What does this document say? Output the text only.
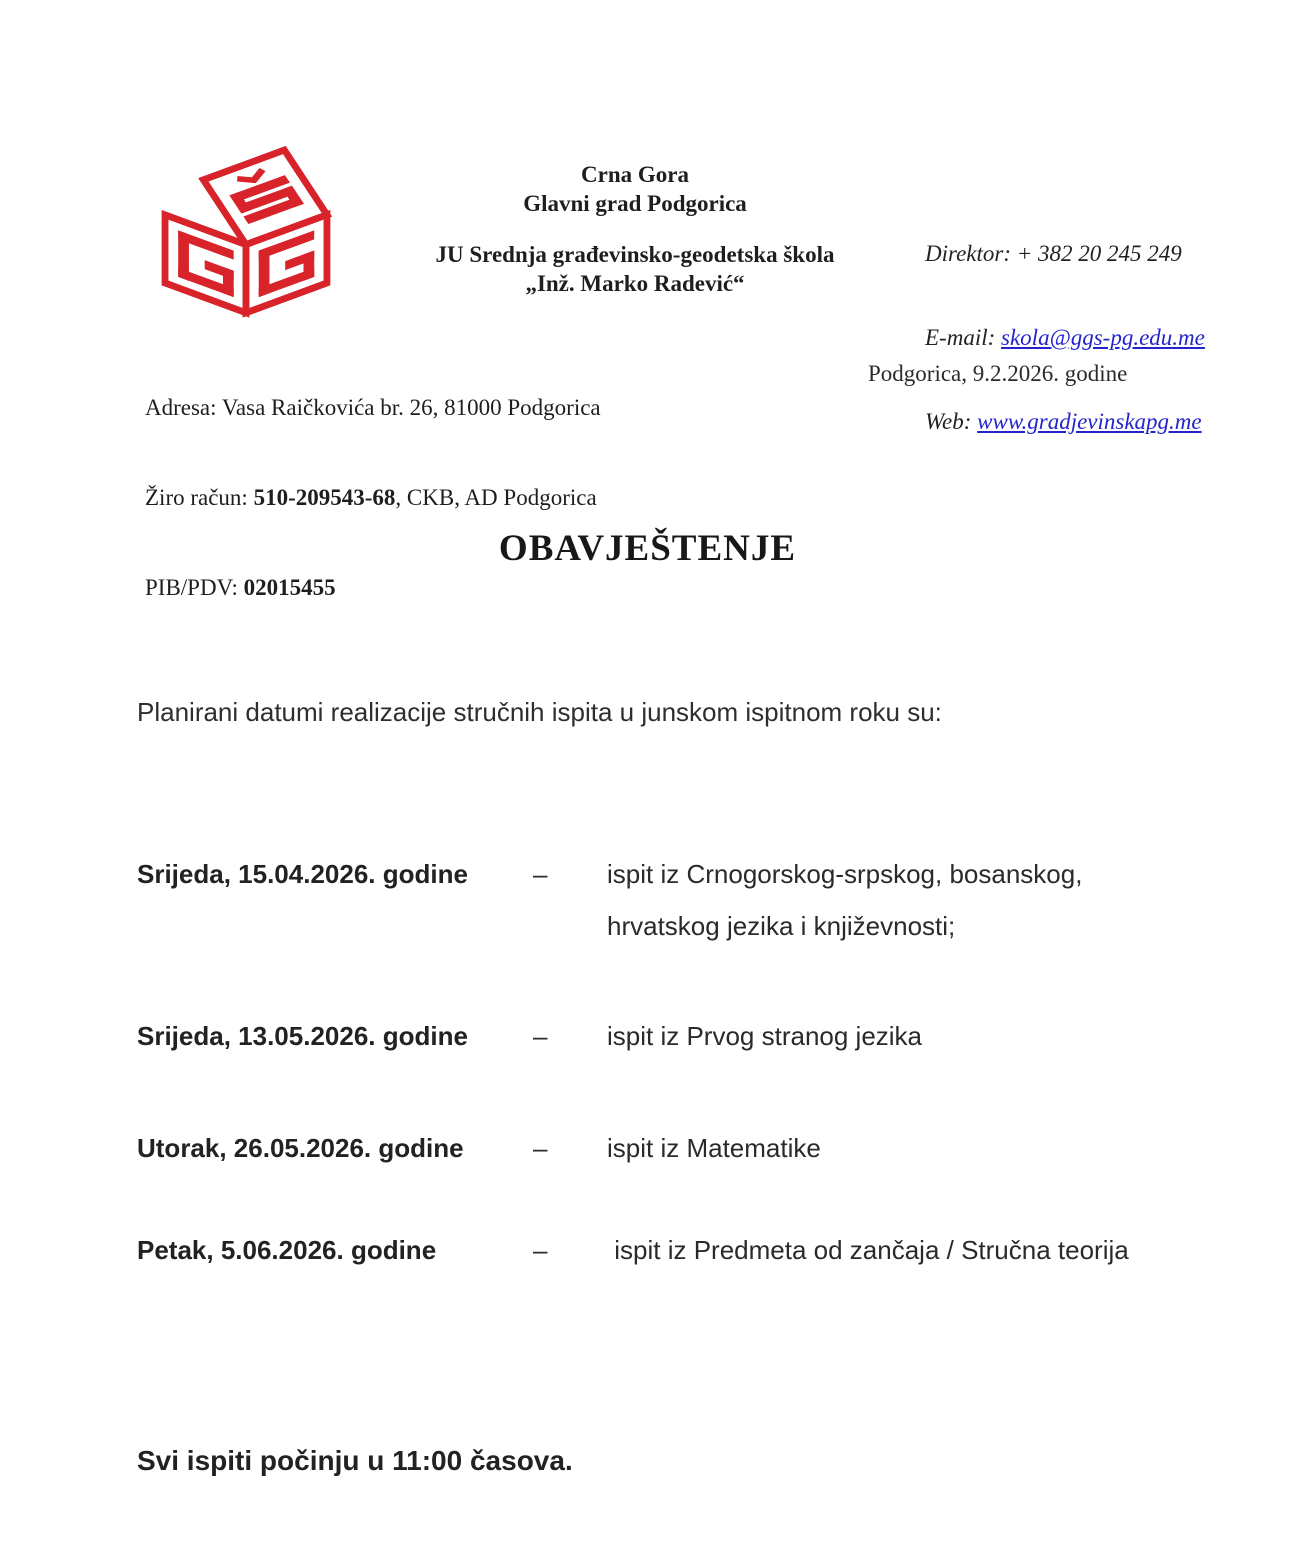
Crna Gora
Glavni grad Podgorica
JU Srednja građevinsko-geodetska škola
„Inž. Marko Radević“

Direktor: + 382 20 245 249

E-mail: skola@ggs-pg.edu.me

Web: www.gradjevinskapg.me

Adresa: Vasa Raičkovića br. 26, 81000 Podgorica

Žiro račun: 510-209543-68, CKB, AD Podgorica

PIB/PDV: 02015455

Podgorica, 9.2.2026. godine
OBAVJEŠTENJE

Planirani datumi realizacije stručnih ispita u junskom ispitnom roku su:

Srijeda, 15.04.2026. godine	–	ispit iz Crnogorskog-srpskog, bosanskog, hrvatskog jezika i književnosti;
Srijeda, 13.05.2026. godine	–	ispit iz Prvog stranog jezika
Utorak, 26.05.2026. godine	–	ispit iz Matematike
Petak, 5.06.2026. godine	–	ispit iz Predmeta od zančaja / Stručna teorija
Svi ispiti počinju u 11:00 časova.
